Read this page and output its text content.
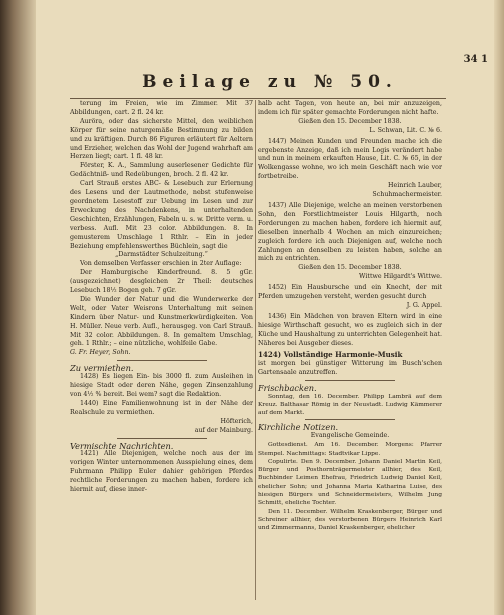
34 1
Beilage zu № 50.

terung im Freien, wie im Zimmer. Mit 37 Abbildungen, cart. 2 fl. 24 kr.

Auröra, oder das sicherste Mittel, den weiblichen Körper für seine naturgemäße Bestimmung zu bilden und zu kräftigen. Durch 86 Figuren erläutert für Aeltern und Erzieher, welchen das Wohl der Jugend wahrhaft am Herzen liegt; cart. 1 fl. 48 kr.

Förster, K. A., Sammlung auserlesener Gedichte für Gedächtniß- und Redeübungen, broch. 2 fl. 42 kr.

Carl Strauß erstes ABC- & Lesebuch zur Erlernung des Lesens und der Lautmethode, nebst stufenweise geordnetem Lesestoff zur Uebung im Lesen und zur Erweckung des Nachdenkens, in unterhaltenden Geschichten, Erzählungen, Fabeln u. s. w. Dritte verm. u. verbess. Aufl. Mit 23 color. Abbildungen. 8. In gemusterem Umschlage 1 Rthlr. – Ein in jeder Beziehung empfehlenswerthes Büchlein, sagt die

„Darmstädter Schulzeitung.“

Von demselben Verfasser erschien in 2ter Auflage:

Der Hamburgische Kinderfreund. 8. 5 gGr. (ausgezeichnet) desgleichen 2r Theil: deutsches Lesebuch 18½ Bogen geh. 7 gGr.

Die Wunder der Natur und die Wunderwerke der Welt, oder Vater Weisrons Unterhaltung mit seinen Kindern über Natur- und Kunstmerkwürdigkeiten. Von H. Müller. Neue verb. Aufl., herausgeg. von Carl Strauß. Mit 32 color. Abbildungen. 8. In gemaltem Umschlag, geh. 1 Rthlr.; – eine nützliche, wohlfeile Gabe.

G. Fr. Heyer, Sohn.

Zu vermiethen.

1428) Es liegen Ein- bis 3000 fl. zum Ausleihen in hiesige Stadt oder deren Nähe, gegen Zinsenzahlung von 4½ % bereit. Bei wem? sagt die Redaktion.

1440) Eine Familienwohnung ist in der Nähe der Realschule zu vermiethen.

Höfterich,

auf der Mainburg.

Vermischte Nachrichten.

1421) Alle Diejenigen, welche noch aus der im vorigen Winter unternommenen Ausspielung eines, dem Fuhrmann Philipp Euler dahier gehörigen Pferdes rechtliche Forderungen zu machen haben, fordere ich hiermit auf, diese inner-

halb acht Tagen, von heute an, bei mir anzuzeigen, indem ich für später gemachte Forderungen nicht hafte.

Gießen den 15. December 1838.

L. Schwan, Lit. C. № 6.

1447) Meinen Kunden und Freunden mache ich die ergebenste Anzeige, daß ich mein Logis verändert habe und nun in meinem erkauften Hause, Lit. C. № 65, in der Wolkengasse wohne, wo ich mein Geschäft nach wie vor fortbetreibe.

Heinrich Lauber,

Schuhmachermeister.

1437) Alle Diejenige, welche an meinen verstorbenen Sohn, den Forstlichtmeister Louis Hilgarth, noch Forderungen zu machen haben, fordere ich hiermit auf, dieselben innerhalb 4 Wochen an mich einzureichen; zugleich fordere ich auch Diejenigen auf, welche noch Zahlungen an denselben zu leisten haben, solche an mich zu entrichten.

Gießen den 15. December 1838.

Wittwe Hilgardt's Wittwe.

1452) Ein Hausbursche und ein Knecht, der mit Pferden umzugehen versteht, werden gesucht durch

J. G. Appel.

1436) Ein Mädchen von braven Eltern wird in eine hiesige Wirthschaft gesucht, wo es zugleich sich in der Küche und Haushaltung zu unterrichten Gelegenheit hat. Näheres bei Ausgeber dieses.

1424) Vollständige Harmonie-Musik

ist morgen bei günstiger Witterung im Busch'schen Gartensaale anzutreffen.

Frischbacken.

Sonntag, den 16. December. Philipp Lambrä auf dem Kreuz. Balthasar Römig in der Neustadt. Ludwig Kämmerer auf dem Markt.

Kirchliche Notizen.

Evangelische Gemeinde.

Gottesdienst. Am 16. December. Morgens: Pfarrer Stempel. Nachmittags: Stadtvikar Lippe.

Copulirte. Den 9. December. Johann Daniel Martin Keil, Bürger und Posthornträgermeister allhier, des Keil, Buchbinder Leimen Ehefrau, Friedrich Ludwig Daniel Keil, ehelicher Sohn; und Johanna Maria Katharina Luise, des hiesigen Bürgers und Schneidermeisters, Wilhelm Jung Schmitt, eheliche Tochter.

Den 11. December. Wilhelm Kraskenberger, Bürger und Schreiner allhier, des verstorbenen Bürgers Heinrich Karl und Zimmermanns, Daniel Kraskenberger, ehelicher
